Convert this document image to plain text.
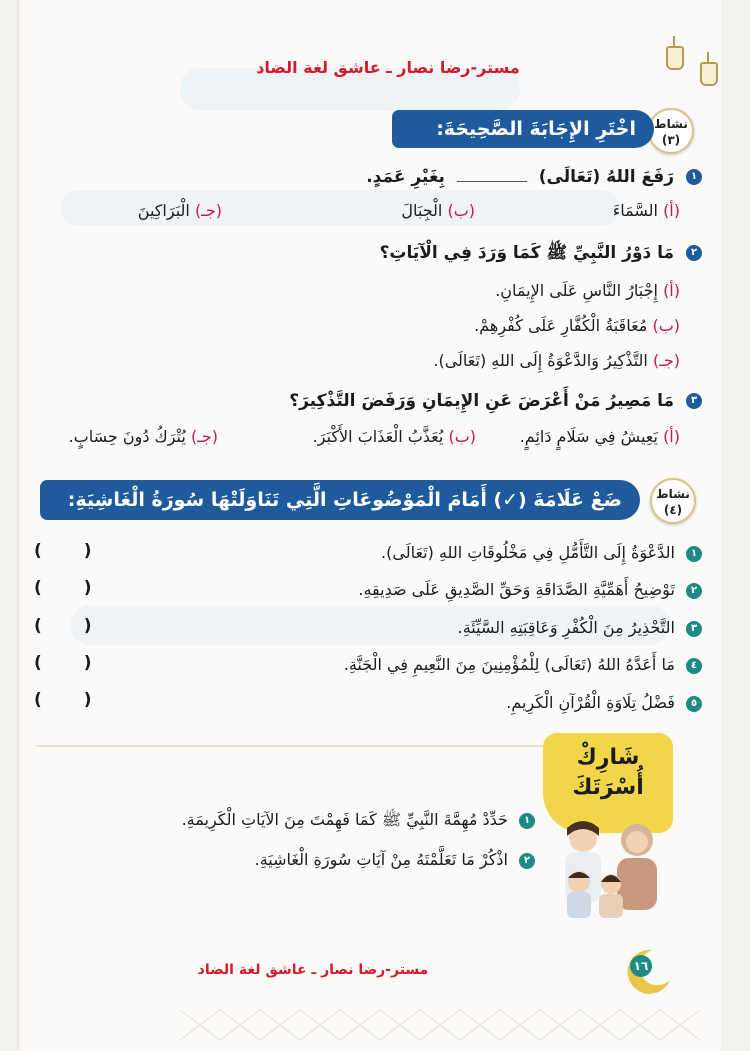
مستر-رضا نصار ـ عاشق لغة الضاد
نشاط
(٣)
اخْتَرِ الإِجَابَةَ الصَّحِيحَةَ:
١ رَفَعَ اللهُ (تَعَالَى)  بِغَيْرِ عَمَدٍ.
(أ) السَّمَاءَ
(ب) الْجِبَالَ
(جـ) الْبَرَاكِينَ
٢ مَا دَوْرُ النَّبِيِّ ﷺ كَمَا وَرَدَ فِي الْآيَاتِ؟
(أ) إِجْبَارُ النَّاسِ عَلَى الإِيمَانِ.
(ب) مُعَاقَبَةُ الْكُفَّارِ عَلَى كُفْرِهِمْ.
(جـ) التَّذْكِيرُ وَالدَّعْوَةُ إِلَى اللهِ (تَعَالَى).
٣ مَا مَصِيرُ مَنْ أَعْرَضَ عَنِ الإِيمَانِ وَرَفَضَ التَّذْكِيرَ؟
(أ) يَعِيشُ فِي سَلَامٍ دَائِمٍ.
(ب) يُعَذَّبُ الْعَذَابَ الأَكْبَرَ.
(جـ) يُتْرَكُ دُونَ حِسَابٍ.
نشاط
(٤)
ضَعْ عَلَامَةَ (✓) أَمَامَ الْمَوْضُوعَاتِ الَّتِي تَنَاوَلَتْهَا سُورَةُ الْغَاشِيَةِ:
١ الدَّعْوَةُ إِلَى التَّأَمُّلِ فِي مَخْلُوقَاتِ اللهِ (تَعَالَى).
( )
٢ تَوْضِيحُ أَهَمِّيَّةِ الصَّدَاقَةِ وَحَقِّ الصَّدِيقِ عَلَى صَدِيقِهِ.
( )
٣ التَّحْذِيرُ مِنَ الْكُفْرِ وَعَاقِبَتِهِ السَّيِّئَةِ.
( )
٤ مَا أَعَدَّهُ اللهُ (تَعَالَى) لِلْمُؤْمِنِينَ مِنَ النَّعِيمِ فِي الْجَنَّةِ.
( )
٥ فَضْلُ تِلَاوَةِ الْقُرْآنِ الْكَرِيمِ.
( )
شَارِكْ
أُسْرَتَكَ
١ حَدِّدْ مُهِمَّةَ النَّبِيِّ ﷺ كَمَا فَهِمْتَ مِنَ الآيَاتِ الْكَرِيمَةِ.
٢ اذْكُرْ مَا تَعَلَّمْتَهُ مِنْ آيَاتِ سُورَةِ الْغَاشِيَةِ.
١٦
مستر-رضا نصار ـ عاشق لغة الضاد
